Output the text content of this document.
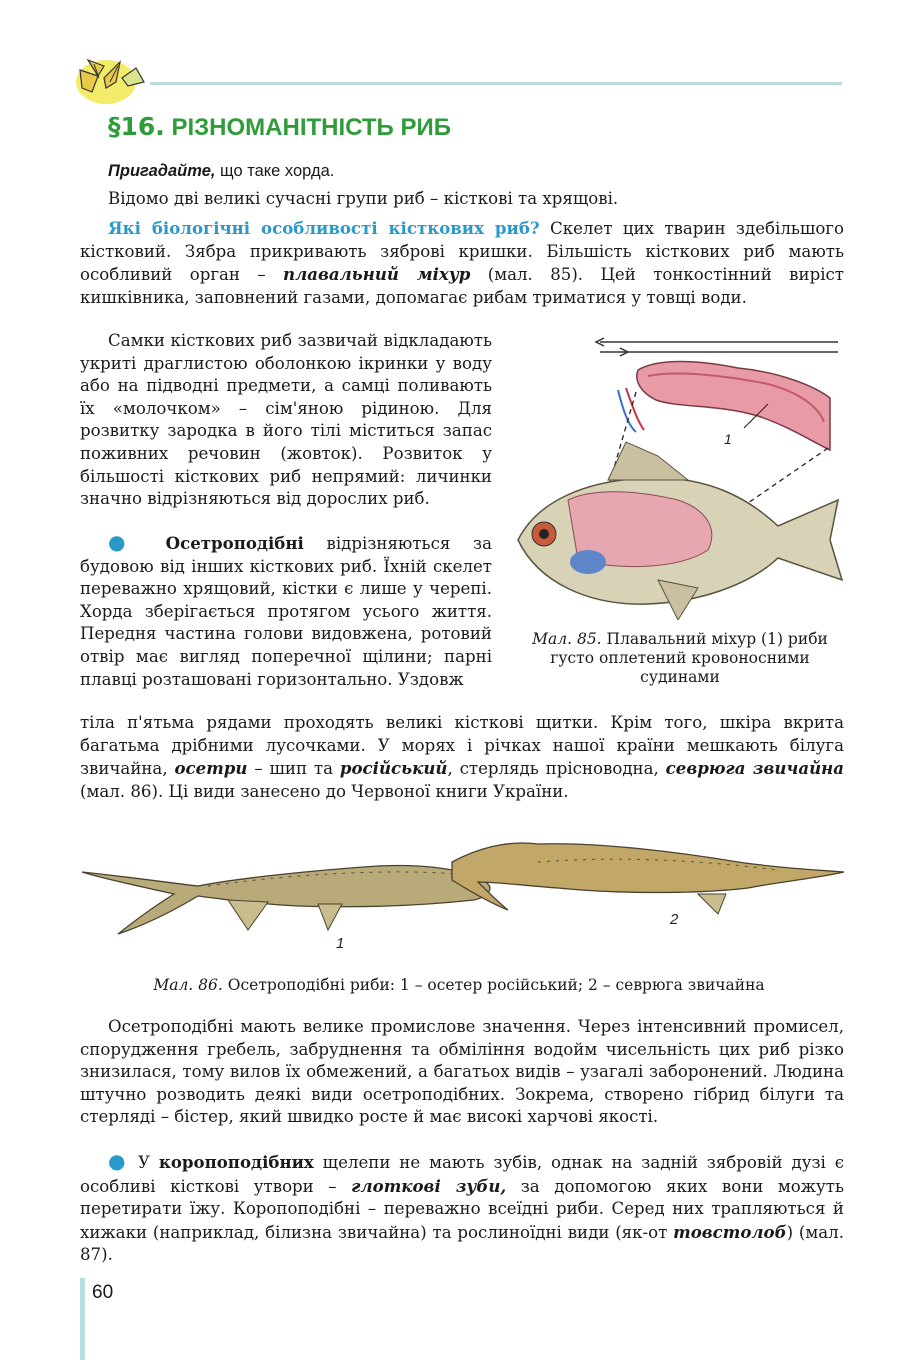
§16. РІЗНОМАНІТНІСТЬ РИБ
Пригадайте, що таке хорда.
Відомо дві великі сучасні групи риб – кісткові та хрящові.
Які біологічні особливості кісткових риб? Скелет цих тварин здебільшого кістковий. Зябра прикривають зяброві кришки. Більшість кісткових риб мають особливий орган – плавальний міхур (мал. 85). Цей тонкостінний виріст кишківника, заповнений газами, допомагає рибам триматися у товщі води.
Самки кісткових риб зазвичай відкладають укриті драглистою оболонкою ікринки у воду або на підводні предмети, а самці поливають їх «молочком» – сім'яною рідиною. Для розвитку зародка в його тілі міститься запас поживних речовин (жовток). Розвиток у більшості кісткових риб непрямий: личинки значно відрізняються від дорослих риб.
● Осетроподібні відрізняються за будовою від інших кісткових риб. Їхній скелет переважно хрящовий, кістки є лише у черепі. Хорда зберігається протягом усього життя. Передня частина голови видовжена, ротовий отвір має вигляд поперечної щілини; парні плавці розташовані горизонтально. Уздовж
тіла п'ятьма рядами проходять великі кісткові щитки. Крім того, шкіра вкрита багатьма дрібними лусочками. У морях і річках нашої країни мешкають білуга звичайна, осетри – шип та російський, стерлядь прісноводна, севрюга звичайна (мал. 86). Ці види занесено до Червоної книги України.
1
Мал. 85. Плавальний міхур (1) риби густо оплетений кровоносними судинами
1
2
Мал. 86. Осетроподібні риби: 1 – осетер російський; 2 – севрюга звичайна
Осетроподібні мають велике промислове значення. Через інтенсивний промисел, спорудження гребель, забруднення та обміління водойм чисельність цих риб різко знизилася, тому вилов їх обмежений, а багатьох видів – узагалі заборонений. Людина штучно розводить деякі види осетроподібних. Зокрема, створено гібрид білуги та стерляді – бістер, який швидко росте й має високі харчові якості.
● У коропоподібних щелепи не мають зубів, однак на задній зябровій дузі є особливі кісткові утвори – глоткові зуби, за допомогою яких вони можуть перетирати їжу. Коропоподібні – переважно всеїдні риби. Серед них трапляються й хижаки (наприклад, білизна звичайна) та рослиноїдні види (як-от товстолоб) (мал. 87).
60
